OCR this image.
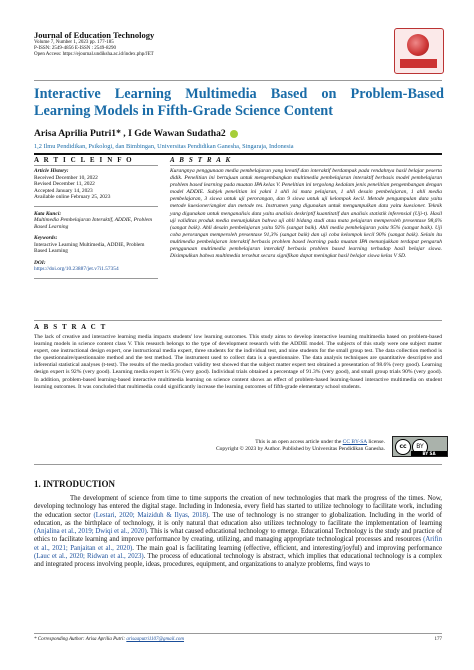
Journal of Education Technology
Volume 7, Number 1, 2023 pp. 177-185
P-ISSN: 2549-4856 E-ISSN : 2549-8290
Open Access: https://ejournal.undiksha.ac.id/index.php/JET
Interactive Learning Multimedia Based on Problem-Based Learning Models in Fifth-Grade Science Content
Arisa Aprilia Putri1* , I Gde Wawan Sudatha2
1,2 Ilmu Pendidikan, Psikologi, dan Bimbingan, Universitas Pendidikan Ganesha, Singaraja, Indonesia
A R T I C L E I N F O	A B S T R A K
Article History:
Received December 10, 2022
Revised December 11, 2022
Accepted January 14, 2023
Available online February 25, 2023
Kata Kunci:
Multimedia Pembelajaran Interaktif, ADDIE, Problem Based Learning
Keywords:
Interactive Learning Multimedia, ADDIE, Problem Based Learning
DOI:
https://doi.org/10.23887/jet.v7i1.57354
Kurangnya penggunaan media pembelajaran yang kreatif dan interaktif berdampak pada rendahnya hasil belajar peserta didik. Penelitian ini bertujuan untuk mengembangkan multimedia pembelajaran interaktif berbasis model pembelajaran problem based learning pada muatan IPA kelas V. Penelitian ini tergolong kedalam jenis penelitian pengembangan dengan model ADDIE. Subjek penelitian ini yakni 1 ahli isi mata pelajaran, 1 ahli desain pembelajaran, 1 ahli media pembelajaran, 3 siswa untuk uji perorangan, dan 9 siswa untuk uji kelompok kecil. Metode pengumpulan data yaitu metode kuesioner/angket dan metode tes. Instrumen yang digunakan untuk mengumpulkan data yaitu kuesioner. Teknik yang digunakan untuk menganalisis data yaitu analisis deskriptif kuantitatif dan analisis statistik inferensial (Uji-t). Hasil uji validitas produk media menunjukkan bahwa uji ahli bidang studi atau mata pelajaran memperoleh presentase 98,6% (sangat baik). Ahli desain pembelajaran yaitu 92% (sangat baik). Ahli media pembelajaran yaitu 95% (sangat baik). Uji coba perorangan memperoleh presentase 91,3% (sangat baik) dan uji coba kelompok kecil 90% (sangat baik). Selain itu multimedia pembelajaran interaktif berbasis problem based learning pada muatan IPA menunjukkan terdapat pengaruh penggunaan multimedia pembelajaran interaktif berbasis problem based learning terhadap hasil belajar siswa. Disimpulkan bahwa multimedia tersebut secara signifikan dapat meningkat hasil belajar siswa kelas V SD.
A B S T R A C T
The lack of creative and interactive learning media impacts students' low learning outcomes. This study aims to develop interactive learning multimedia based on problem-based learning models in science content class V. This research belongs to the type of development research with the ADDIE model. The subjects of this study were one subject matter expert, one instructional design expert, one instructional media expert, three students for the individual test, and nine students for the small group test. The data collection method is the questionnaire/questionnaire method and the test method. The instrument used to collect data is a questionnaire. The data analysis techniques are quantitative descriptive and inferential statistical analyses (t-test). The results of the media product validity test showed that the subject matter expert test obtained a presentation of 98.6% (very good). Learning design expert is 92% (very good). Learning media expert is 95% (very good). Individual trials obtained a percentage of 91.3% (very good), and small group trials 90% (very good). In addition, problem-based learning-based interactive multimedia learning on science content shows an effect of problem-based learning-based interactive multimedia on student learning outcomes. It was concluded that multimedia could significantly increase the learning outcomes of fifth-grade elementary school students.
This is an open access article under the CC BY-SA license.
Copyright © 2023 by Author. Published by Universitas Pendidikan Ganesha.	cc	BY
BY SA
1. INTRODUCTION
The development of science from time to time supports the creation of new technologies that mark the progress of the times. Now, developing technology has entered the digital stage. Including in Indonesia, every field has started to utilize technology to facilitate work, including the education sector (Lestari, 2020; Maiziduh & Ilyas, 2018). The use of technology is no stranger to globalization. Including in the world of education, as the birthplace of technology, it is only natural that education also utilizes technology to facilitate the implementation of learning (Anjalina et al., 2019; Dwiqi et al., 2020). This is what caused educational technology to emerge. Educational Technology is the study and practice of ethics to facilitate learning and improve performance by creating, utilizing, and managing appropriate technological processes and resources (Arifin et al., 2021; Panjaitan et al., 2020). The main goal is facilitating learning (effective, efficient, and interesting/joyful) and improving performance (Lauc et al., 2020; Ridwan et al., 2023). The process of educational technology is abstract, which implies that educational technology is a complex and integrated process involving people, ideas, procedures, equipment, and organizations to analyze problems, find ways to
* Corresponding Author: Arisa Aprilia Putri: arisaaputri1107@gmail.com	177
